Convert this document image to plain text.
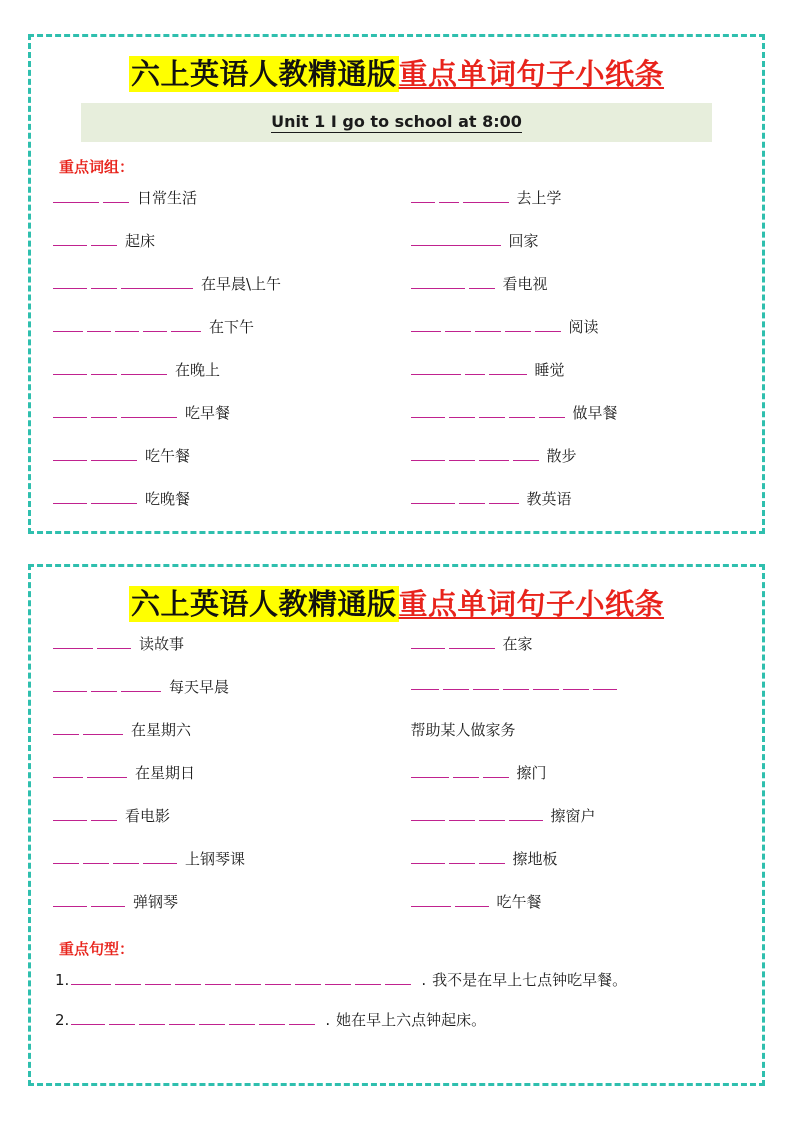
六上英语人教精通版重点单词句子小纸条
Unit 1 I go to school at 8:00
重点词组：
日常生活	去上学
起床	回家
在早晨\上午	看电视
在下午	阅读
在晚上	睡觉
吃早餐	做早餐
吃午餐	散步
吃晚餐	教英语
六上英语人教精通版重点单词句子小纸条
读故事	在家
每天早晨
在星期六	帮助某人做家务
在星期日	擦门
看电影	擦窗户
上钢琴课	擦地板
弹钢琴	吃午餐
重点句型：
1.	. 我不是在早上七点钟吃早餐。
2.	. 她在早上六点钟起床。
